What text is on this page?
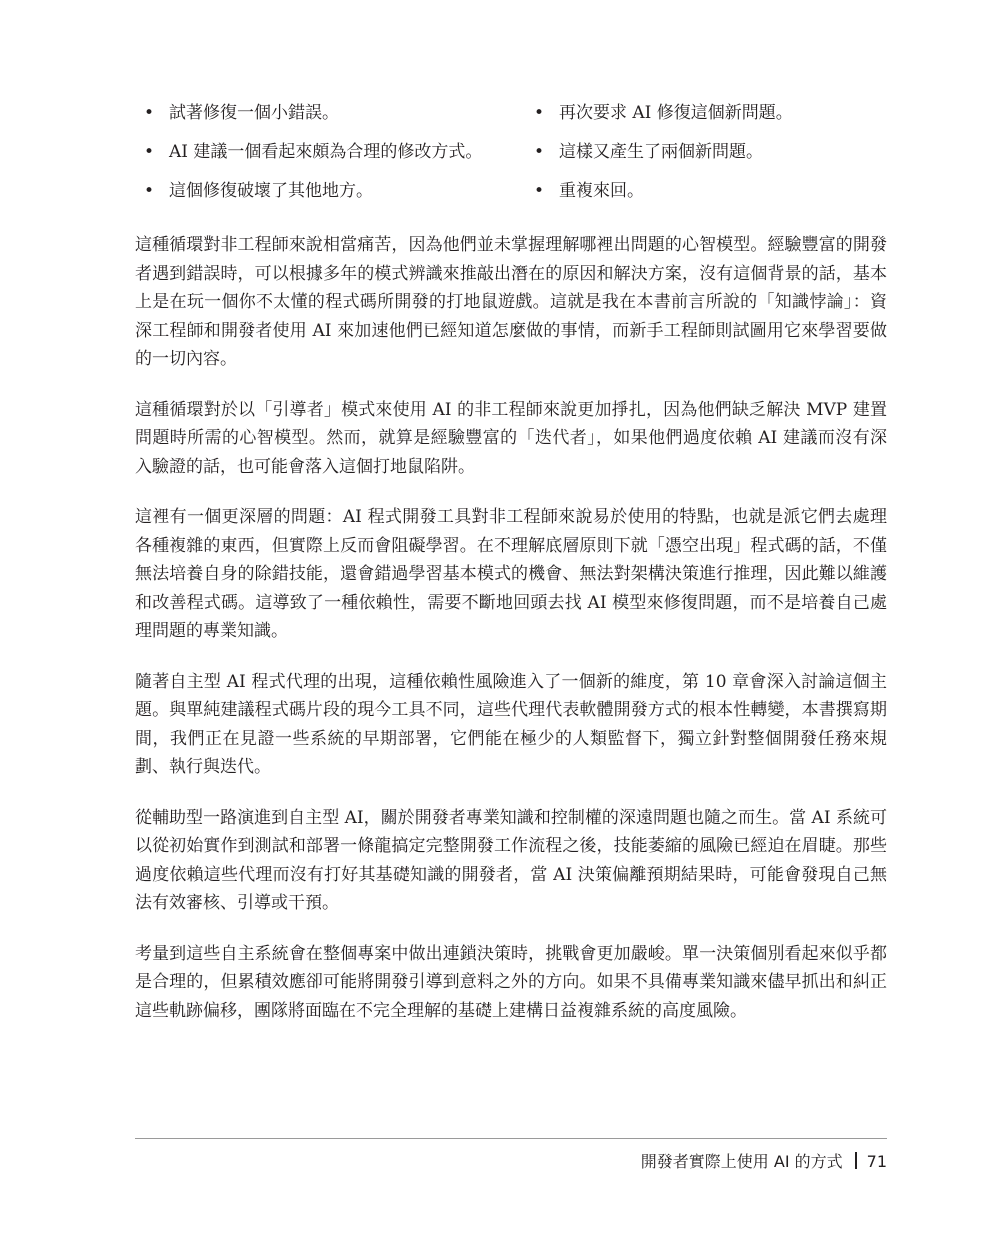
• 試著修復一個小錯誤。
• AI 建議一個看起來頗為合理的修改方式。
• 這個修復破壞了其他地方。
• 再次要求 AI 修復這個新問題。
• 這樣又產生了兩個新問題。
• 重複來回。

這種循環對非工程師來說相當痛苦，因為他們並未掌握理解哪裡出問題的心智模型。經驗豐富的開發者遇到錯誤時，可以根據多年的模式辨識來推敲出潛在的原因和解決方案，沒有這個背景的話，基本上是在玩一個你不太懂的程式碼所開發的打地鼠遊戲。這就是我在本書前言所說的「知識悖論」：資深工程師和開發者使用 AI 來加速他們已經知道怎麼做的事情，而新手工程師則試圖用它來學習要做的一切內容。

這種循環對於以「引導者」模式來使用 AI 的非工程師來說更加掙扎，因為他們缺乏解決 MVP 建置問題時所需的心智模型。然而，就算是經驗豐富的「迭代者」，如果他們過度依賴 AI 建議而沒有深入驗證的話，也可能會落入這個打地鼠陷阱。

這裡有一個更深層的問題：AI 程式開發工具對非工程師來說易於使用的特點，也就是派它們去處理各種複雜的東西，但實際上反而會阻礙學習。在不理解底層原則下就「憑空出現」程式碼的話，不僅無法培養自身的除錯技能，還會錯過學習基本模式的機會、無法對架構決策進行推理，因此難以維護和改善程式碼。這導致了一種依賴性，需要不斷地回頭去找 AI 模型來修復問題，而不是培養自己處理問題的專業知識。

隨著自主型 AI 程式代理的出現，這種依賴性風險進入了一個新的維度，第 10 章會深入討論這個主題。與單純建議程式碼片段的現今工具不同，這些代理代表軟體開發方式的根本性轉變，本書撰寫期間，我們正在見證一些系統的早期部署，它們能在極少的人類監督下，獨立針對整個開發任務來規劃、執行與迭代。

從輔助型一路演進到自主型 AI，關於開發者專業知識和控制權的深遠問題也隨之而生。當 AI 系統可以從初始實作到測試和部署一條龍搞定完整開發工作流程之後，技能萎縮的風險已經迫在眉睫。那些過度依賴這些代理而沒有打好其基礎知識的開發者，當 AI 決策偏離預期結果時，可能會發現自己無法有效審核、引導或干預。

考量到這些自主系統會在整個專案中做出連鎖決策時，挑戰會更加嚴峻。單一決策個別看起來似乎都是合理的，但累積效應卻可能將開發引導到意料之外的方向。如果不具備專業知識來儘早抓出和糾正這些軌跡偏移，團隊將面臨在不完全理解的基礎上建構日益複雜系統的高度風險。

開發者實際上使用 AI 的方式 71
